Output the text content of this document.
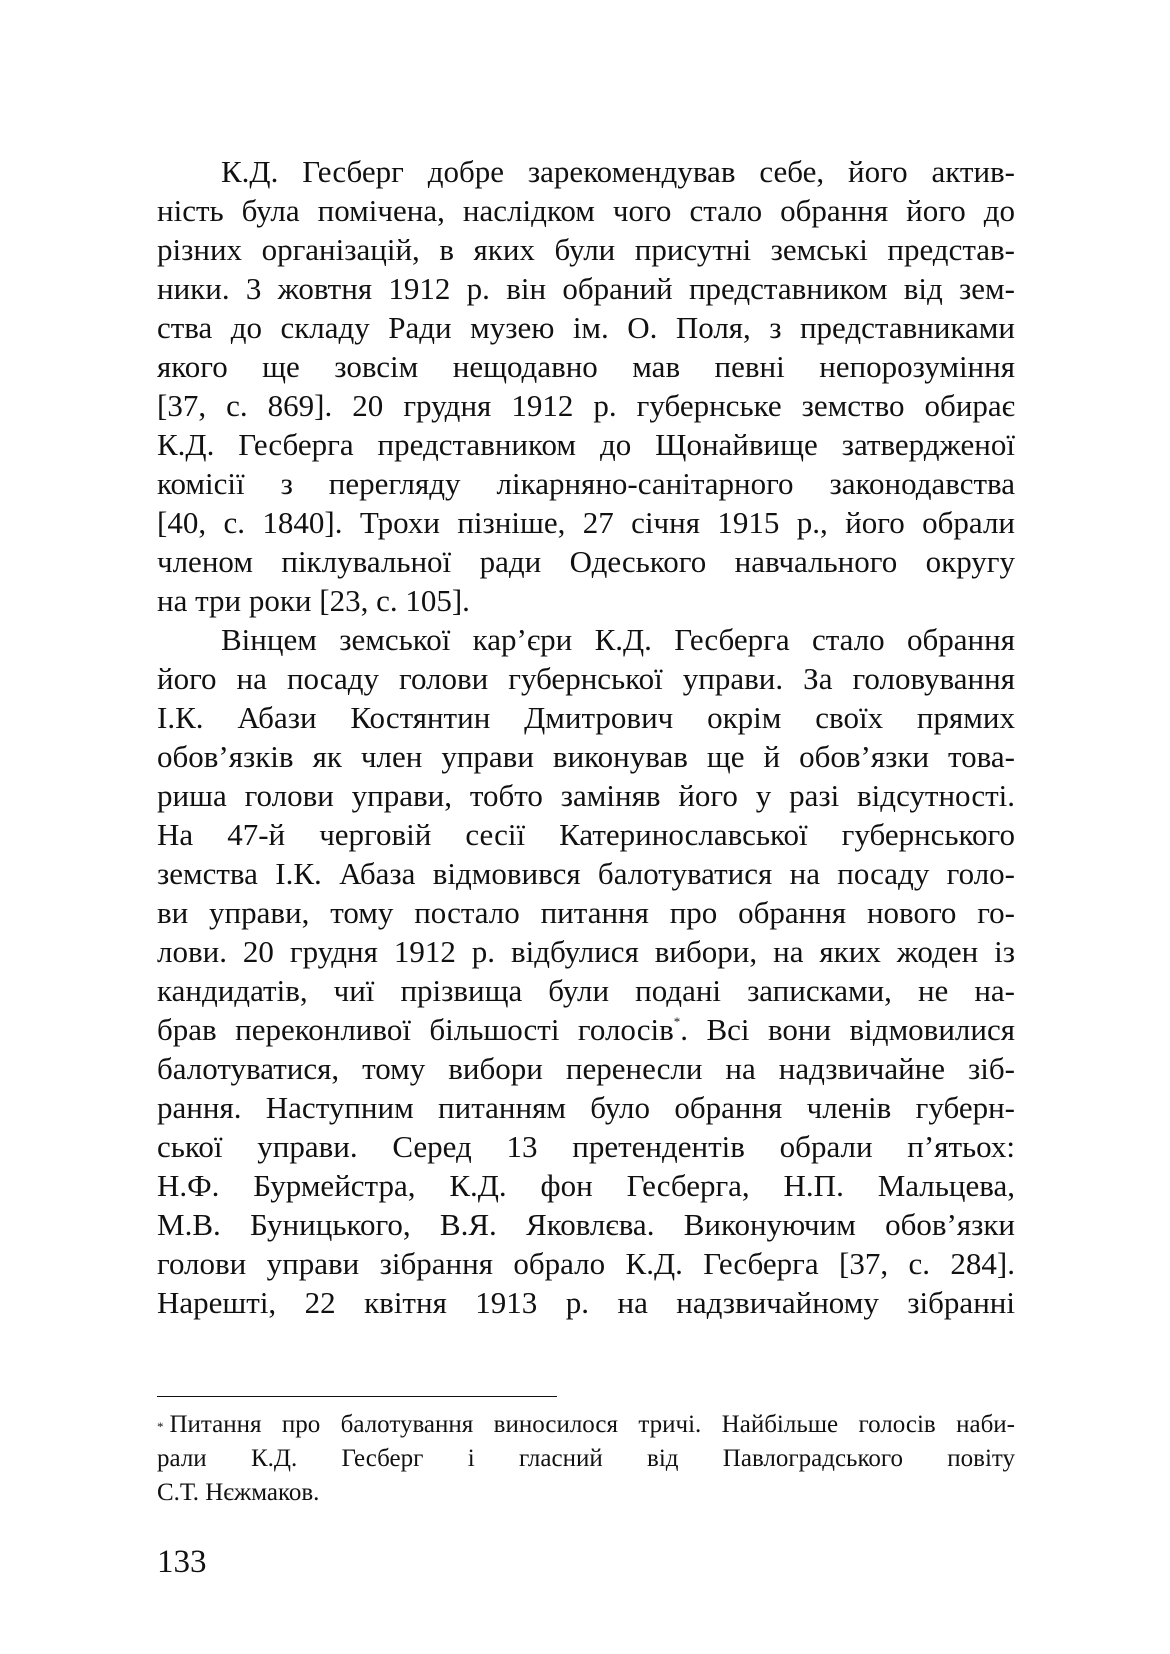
К.Д. Гесберг добре зарекомендував себе, його актив-
ність була помічена, наслідком чого стало обрання його до
різних організацій, в яких були присутні земські представ-
ники. 3 жовтня 1912 р. він обраний представником від зем-
ства до складу Ради музею ім. О. Поля, з представниками
якого ще зовсім нещодавно мав певні непорозуміння
[37, с. 869]. 20 грудня 1912 р. губернське земство обирає
К.Д. Гесберга представником до Щонайвище затвердженої
комісії з перегляду лікарняно-санітарного законодавства
[40, с. 1840]. Трохи пізніше, 27 січня 1915 р., його обрали
членом піклувальної ради Одеського навчального округу
на три роки [23, с. 105].
Вінцем земської кар’єри К.Д. Гесберга стало обрання
його на посаду голови губернської управи. За головування
І.К. Абази Костянтин Дмитрович окрім своїх прямих
обов’язків як член управи виконував ще й обов’язки това-
риша голови управи, тобто заміняв його у разі відсутності.
На 47-й черговій сесії Катеринославської губернського
земства І.К. Абаза відмовився балотуватися на посаду голо-
ви управи, тому постало питання про обрання нового го-
лови. 20 грудня 1912 р. відбулися вибори, на яких жоден із
кандидатів, чиї прізвища були подані записками, не на-
брав переконливої більшості голосів*. Всі вони відмовилися
балотуватися, тому вибори перенесли на надзвичайне зіб-
рання. Наступним питанням було обрання членів губерн-
ської управи. Серед 13 претендентів обрали п’ятьох:
Н.Ф. Бурмейстра, К.Д. фон Гесберга, Н.П. Мальцева,
М.В. Буницького, В.Я. Яковлєва. Виконуючим обов’язки
голови управи зібрання обрало К.Д. Гесберга [37, с. 284].
Нарешті, 22 квітня 1913 р. на надзвичайному зібранні
* Питання про балотування виносилося тричі. Найбільше голосів наби-
рали К.Д. Гесберг і гласний від Павлоградського повіту
С.Т. Нєжмаков.
133
